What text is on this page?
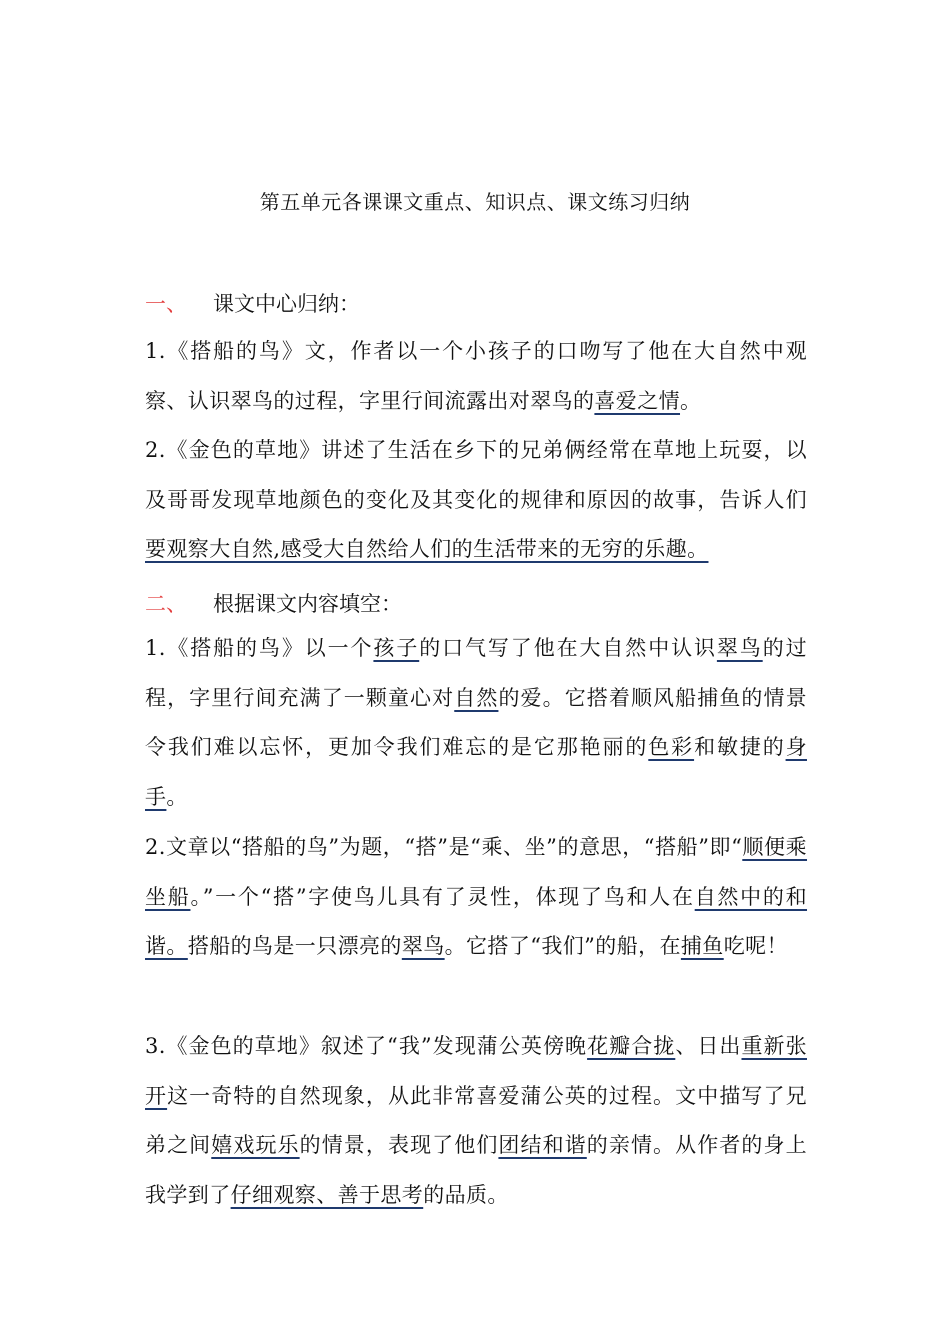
第五单元各课课文重点、知识点、课文练习归纳
一、 课文中心归纳：
1.《搭船的鸟》文，作者以一个小孩子的口吻写了他在大自然中观察、认识翠鸟的过程，字里行间流露出对翠鸟的喜爱之情。
2.《金色的草地》讲述了生活在乡下的兄弟俩经常在草地上玩耍，以及哥哥发现草地颜色的变化及其变化的规律和原因的故事，告诉人们要观察大自然,感受大自然给人们的生活带来的无穷的乐趣。
二、 根据课文内容填空：
1.《搭船的鸟》以一个孩子的口气写了他在大自然中认识翠鸟的过程，字里行间充满了一颗童心对自然的爱。它搭着顺风船捕鱼的情景令我们难以忘怀，更加令我们难忘的是它那艳丽的色彩和敏捷的身手。
2.文章以“搭船的鸟”为题，“搭”是“乘、坐”的意思，“搭船”即“顺便乘坐船。”一个“搭”字使鸟儿具有了灵性，体现了鸟和人在自然中的和谐。搭船的鸟是一只漂亮的翠鸟。它搭了“我们”的船，在捕鱼吃呢！
3.《金色的草地》叙述了“我”发现蒲公英傍晚花瓣合拢、日出重新张开这一奇特的自然现象，从此非常喜爱蒲公英的过程。文中描写了兄弟之间嬉戏玩乐的情景，表现了他们团结和谐的亲情。从作者的身上我学到了仔细观察、善于思考的品质。
